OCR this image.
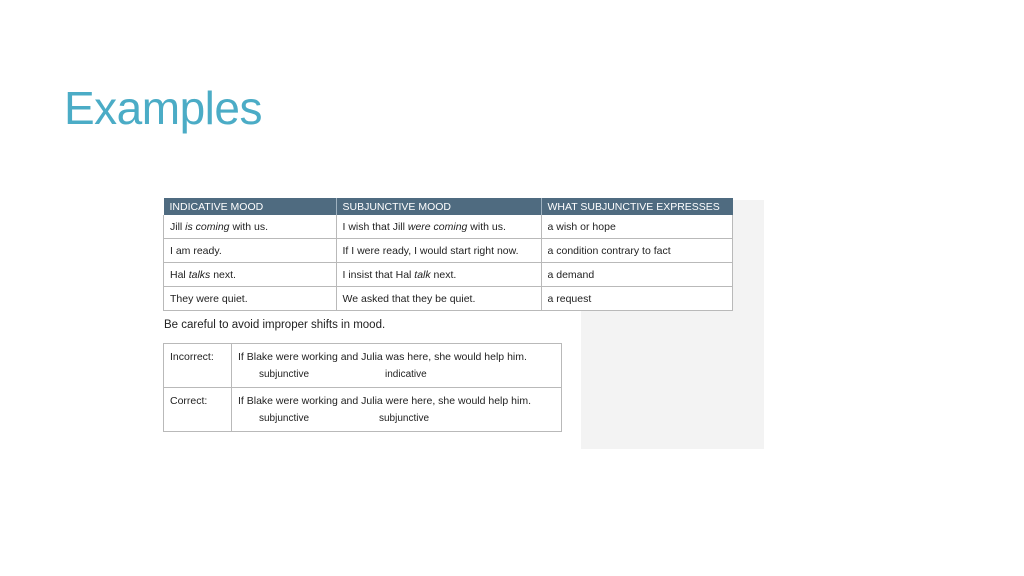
Examples
INDICATIVE MOOD	SUBJUNCTIVE MOOD	WHAT SUBJUNCTIVE EXPRESSES
Jill is coming with us.	I wish that Jill were coming with us.	a wish or hope
I am ready.	If I were ready, I would start right now.	a condition contrary to fact
Hal talks next.	I insist that Hal talk next.	a demand
They were quiet.	We asked that they be quiet.	a request
Be careful to avoid improper shifts in mood.
Incorrect:	If Blake were working and Julia was here, she would help him.
subjunctive indicative

Correct:	If Blake were working and Julia were here, she would help him.
subjunctive subjunctive
